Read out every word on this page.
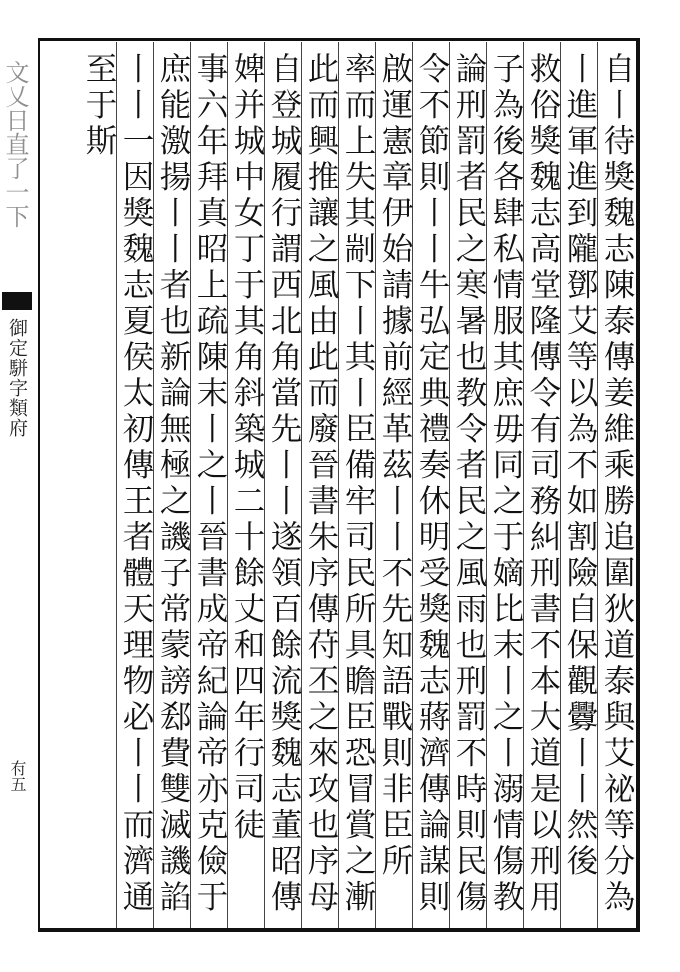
文乂日直了一下
御定駢字類府
𠕇五
自丨待獎魏志陳泰傳姜維乘勝追圍狄道泰與艾祕等分為
丨進軍進到隴鄧艾等以為不如割險自保觀釁丨丨然後
救俗獎魏志高堂隆傳令有司務糾刑書不本大道是以刑用
子為後各肆私情服其庶毋同之于嫡比末丨之丨溺情傷教
論刑罰者民之寒暑也教令者民之風雨也刑罰不時則民傷
令不節則丨丨牛弘定典禮奏休明受獎魏志蔣濟傳論謀則
啟運憲章伊始請據前經革茲丨丨不先知語戰則非臣所
率而上失其剬下丨其丨臣備牢司民所具瞻臣恐冒賞之漸
此而興推讓之風由此而廢晉書朱序傳苻丕之來攻也序母
自登城履行謂西北角當先丨丨遂領百餘流獎魏志董昭傳
婢并城中女丁于其角斜築城二十餘丈和四年行司徒
事六年拜真昭上疏陳末丨之丨晉書成帝紀論帝亦克儉于
庶能激揚丨丨者也新論無極之譏子常蒙謗郄費雙滅譏諂
丨丨一因獎魏志夏侯太初傳王者體天理物必丨丨而濟通
至于斯
